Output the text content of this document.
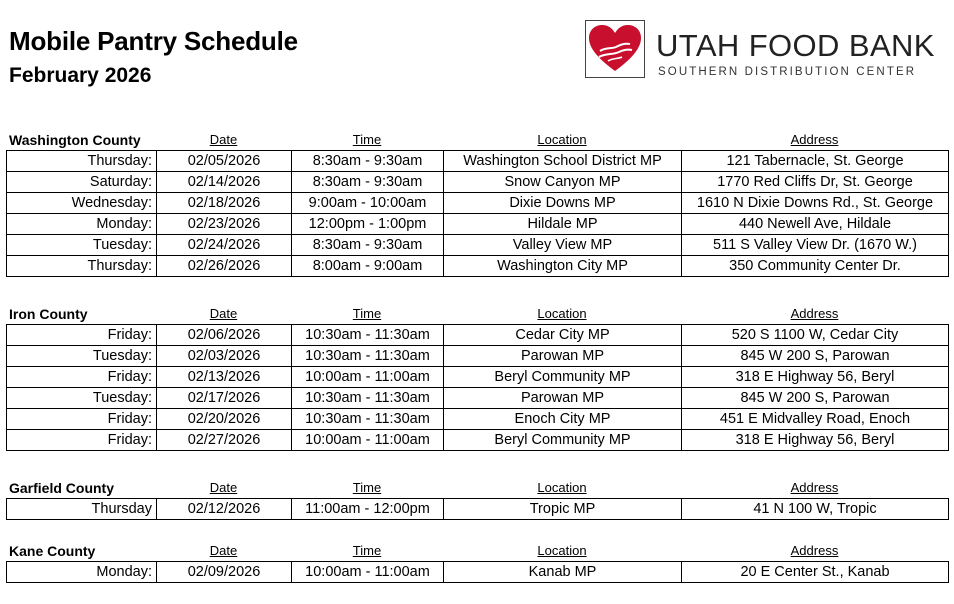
Mobile Pantry Schedule
February 2026
UTAH FOOD BANK
SOUTHERN DISTRIBUTION CENTER
Washington County	Date	Time	Location	Address
Thursday:	02/05/2026	8:30am - 9:30am	Washington School District MP	121 Tabernacle, St. George
Saturday:	02/14/2026	8:30am - 9:30am	Snow Canyon MP	1770 Red Cliffs Dr, St. George
Wednesday:	02/18/2026	9:00am - 10:00am	Dixie Downs MP	1610 N Dixie Downs Rd., St. George
Monday:	02/23/2026	12:00pm - 1:00pm	Hildale MP	440 Newell Ave, Hildale
Tuesday:	02/24/2026	8:30am - 9:30am	Valley View MP	511 S Valley View Dr. (1670 W.)
Thursday:	02/26/2026	8:00am - 9:00am	Washington City MP	350 Community Center Dr.
Iron County	Date	Time	Location	Address
Friday:	02/06/2026	10:30am - 11:30am	Cedar City MP	520 S 1100 W, Cedar City
Tuesday:	02/03/2026	10:30am - 11:30am	Parowan MP	845 W 200 S, Parowan
Friday:	02/13/2026	10:00am - 11:00am	Beryl Community MP	318 E Highway 56, Beryl
Tuesday:	02/17/2026	10:30am - 11:30am	Parowan MP	845 W 200 S, Parowan
Friday:	02/20/2026	10:30am - 11:30am	Enoch City MP	451 E Midvalley Road, Enoch
Friday:	02/27/2026	10:00am - 11:00am	Beryl Community MP	318 E Highway 56, Beryl
Garfield County	Date	Time	Location	Address
Thursday	02/12/2026	11:00am - 12:00pm	Tropic MP	41 N 100 W, Tropic
Kane County	Date	Time	Location	Address
Monday:	02/09/2026	10:00am - 11:00am	Kanab MP	20 E Center St., Kanab
